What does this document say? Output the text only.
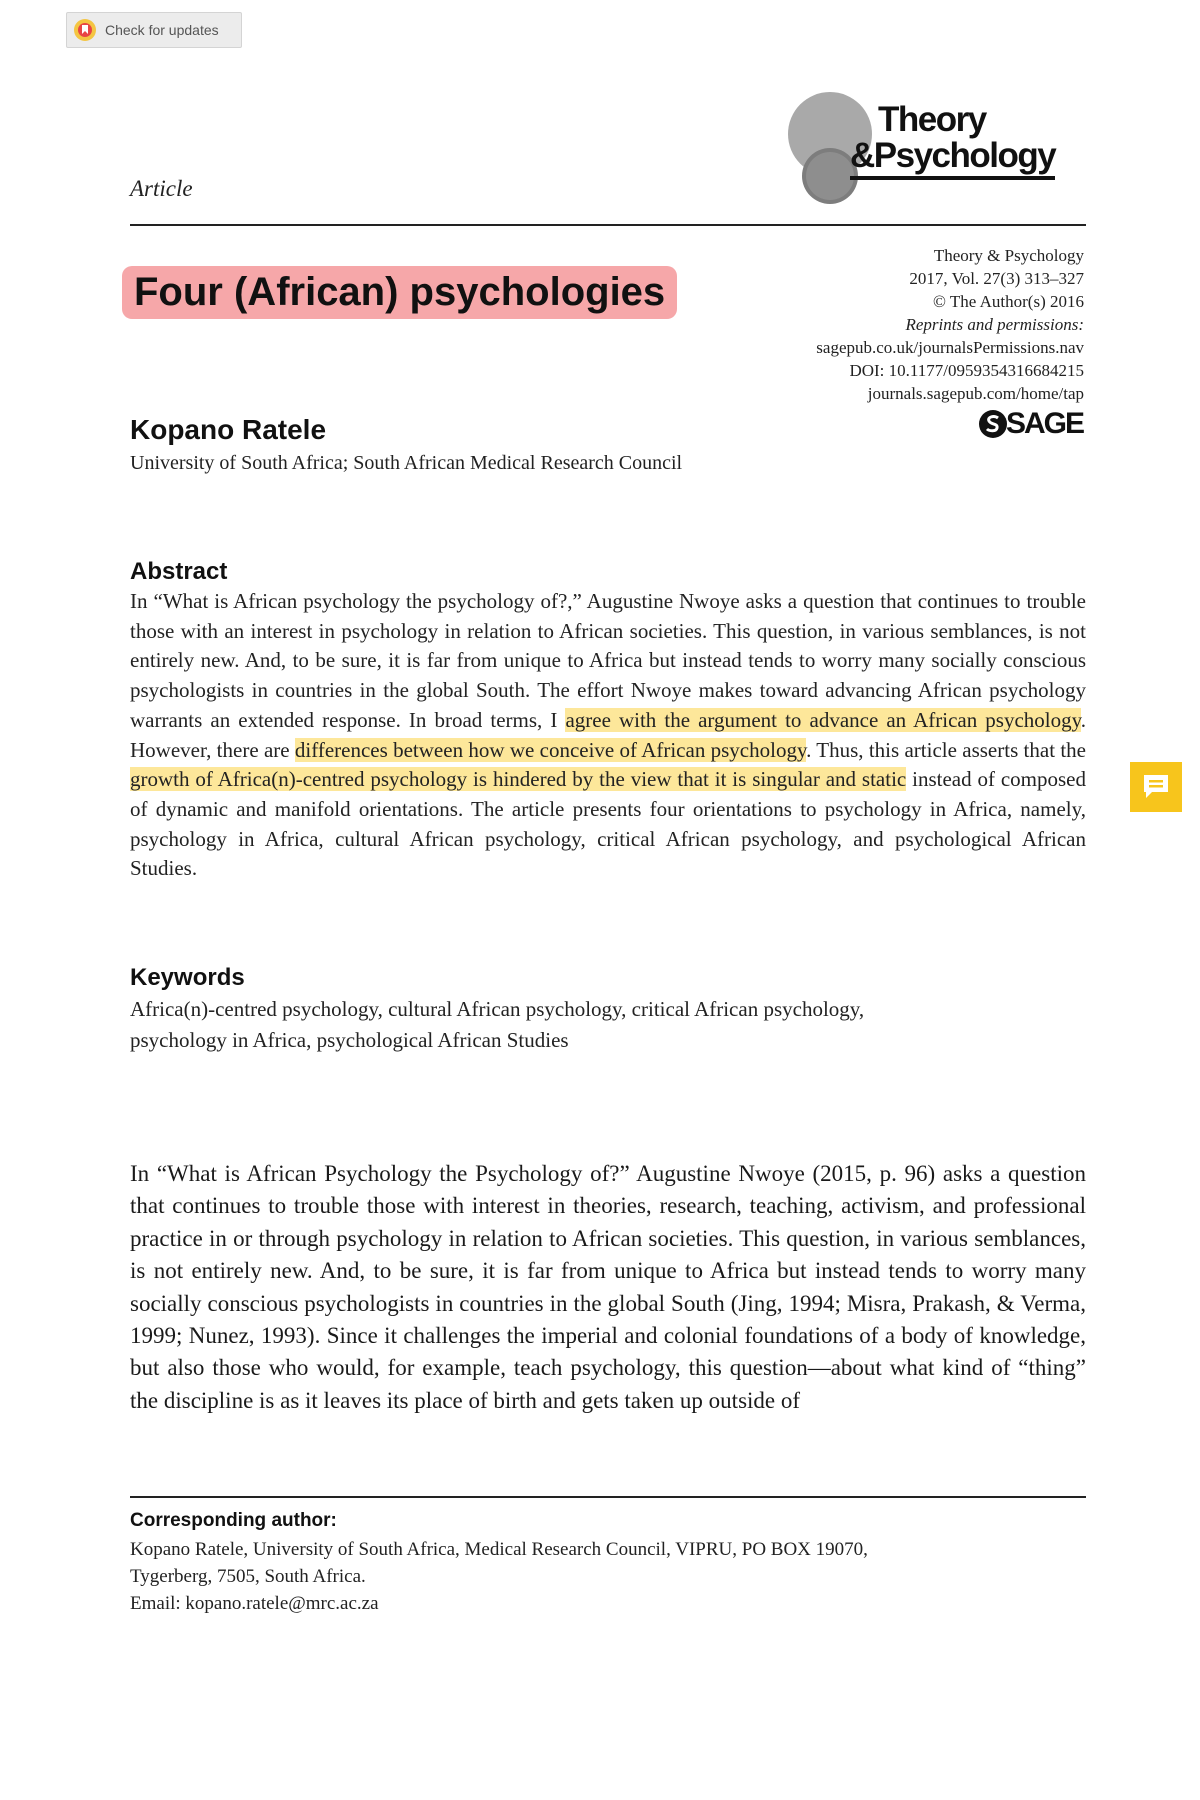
Check for updates
Article
Theory
&Psychology
Four (African) psychologies
Theory & Psychology
2017, Vol. 27(3) 313–327
© The Author(s) 2016
Reprints and permissions:
sagepub.co.uk/journalsPermissions.nav
DOI: 10.1177/0959354316684215
journals.sagepub.com/home/tap
SAGE
Kopano Ratele
University of South Africa; South African Medical Research Council
Abstract

In “What is African psychology the psychology of?,” Augustine Nwoye asks a question that continues to trouble those with an interest in psychology in relation to African societies. This question, in various semblances, is not entirely new. And, to be sure, it is far from unique to Africa but instead tends to worry many socially conscious psychologists in countries in the global South. The effort Nwoye makes toward advancing African psychology warrants an extended response. In broad terms, I agree with the argument to advance an African psychology. However, there are differences between how we conceive of African psychology. Thus, this article asserts that the growth of Africa(n)-centred psychology is hindered by the view that it is singular and static instead of composed of dynamic and manifold orientations. The article presents four orientations to psychology in Africa, namely, psychology in Africa, cultural African psychology, critical African psychology, and psychological African Studies.

Keywords

Africa(n)-centred psychology, cultural African psychology, critical African psychology,
psychology in Africa, psychological African Studies

In “What is African Psychology the Psychology of?” Augustine Nwoye (2015, p. 96) asks a question that continues to trouble those with interest in theories, research, teaching, activism, and professional practice in or through psychology in relation to African societies. This question, in various semblances, is not entirely new. And, to be sure, it is far from unique to Africa but instead tends to worry many socially conscious psychologists in countries in the global South (Jing, 1994; Misra, Prakash, & Verma, 1999; Nunez, 1993). Since it challenges the imperial and colonial foundations of a body of knowledge, but also those who would, for example, teach psychology, this question—about what kind of “thing” the discipline is as it leaves its place of birth and gets taken up outside of

Corresponding author:
Kopano Ratele, University of South Africa, Medical Research Council, VIPRU, PO BOX 19070,
Tygerberg, 7505, South Africa.
Email: kopano.ratele@mrc.ac.za
